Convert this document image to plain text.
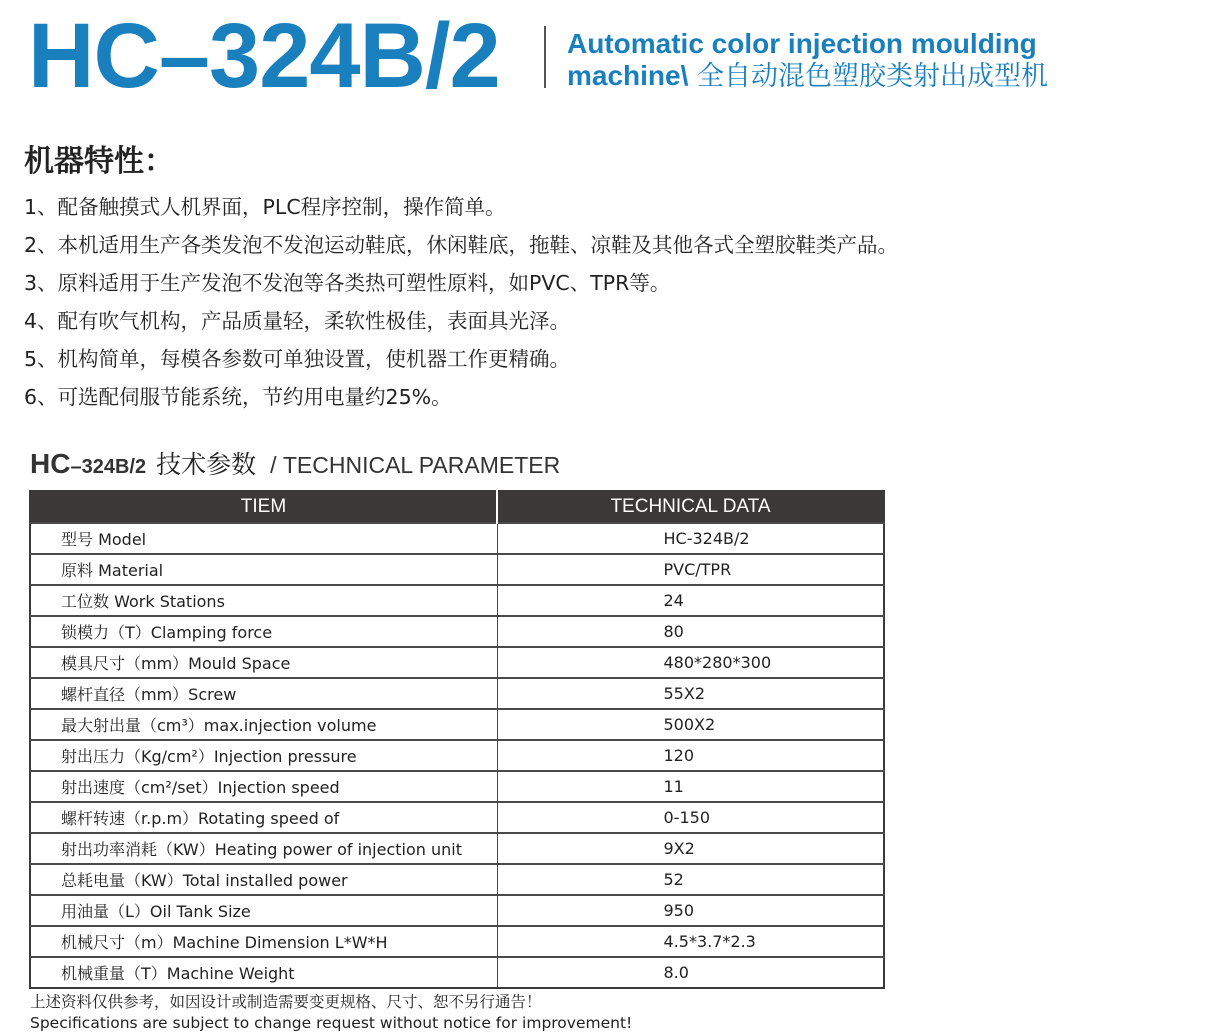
HC–324B/2 Automatic color injection moulding
machine\ 全自动混色塑胶类射出成型机
机器特性：
1、配备触摸式人机界面，PLC程序控制，操作简单。
2、本机适用生产各类发泡不发泡运动鞋底，休闲鞋底，拖鞋、凉鞋及其他各式全塑胶鞋类产品。
3、原料适用于生产发泡不发泡等各类热可塑性原料，如PVC、TPR等。
4、配有吹气机构，产品质量轻，柔软性极佳，表面具光泽。
5、机构简单，每模各参数可单独设置，使机器工作更精确。
6、可选配伺服节能系统，节约用电量约25%。
HC–324B/2 技术参数 / TECHNICAL PARAMETER
TIEM	TECHNICAL DATA
型号 Model	HC-324B/2
原料 Material	PVC/TPR
工位数 Work Stations	24
锁模力（T）Clamping force	80
模具尺寸（mm）Mould Space	480*280*300
螺杆直径（mm）Screw	55X2
最大射出量（cm³）max.injection volume	500X2
射出压力（Kg/cm²）Injection pressure	120
射出速度（cm²/set）Injection speed	11
螺杆转速（r.p.m）Rotating speed of	0-150
射出功率消耗（KW）Heating power of injection unit	9X2
总耗电量（KW）Total installed power	52
用油量（L）Oil Tank Size	950
机械尺寸（m）Machine Dimension L*W*H	4.5*3.7*2.3
机械重量（T）Machine Weight	8.0
上述资料仅供参考，如因设计或制造需要变更规格、尺寸、恕不另行通告！
Specifications are subject to change request without notice for improvement!
